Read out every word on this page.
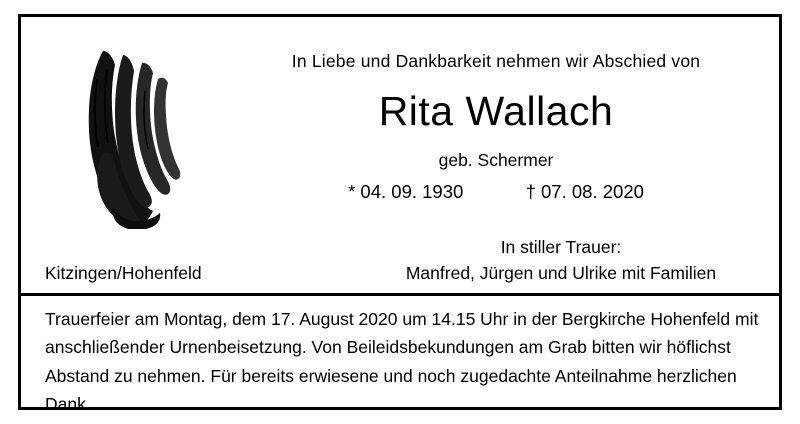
In Liebe und Dankbarkeit nehmen wir Abschied von
Rita Wallach
geb. Schermer
* 04. 09. 1930	† 07. 08. 2020
Kitzingen/Hohenfeld
In stiller Trauer:
Manfred, Jürgen und Ulrike mit Familien
Trauerfeier am Montag, dem 17. August 2020 um 14.15 Uhr in der Bergkirche Hohenfeld mit anschließender Urnenbeisetzung. Von Beileidsbekundungen am Grab bitten wir höflichst Abstand zu nehmen. Für bereits erwiesene und noch zugedachte Anteilnahme herzlichen Dank.
